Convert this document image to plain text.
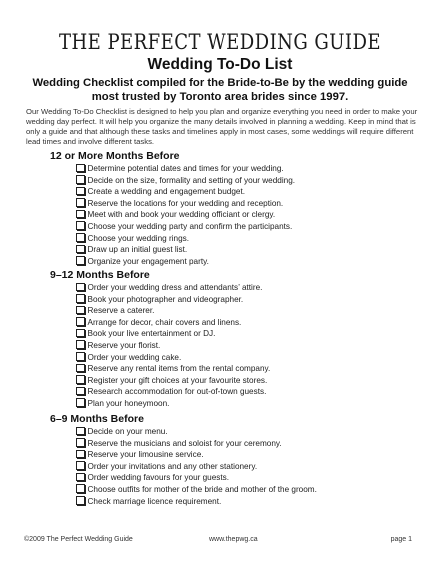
THE PERFECT WEDDING GUIDE
Wedding To-Do List
Wedding Checklist compiled for the Bride-to-Be by the wedding guide most trusted by Toronto area brides since 1997.
Our Wedding To-Do Checklist is designed to help you plan and organize everything you need in order to make your wedding day perfect. It will help you organize the many details involved in planning a wedding. Keep in mind that is only a guide and that although these tasks and timelines apply in most cases, some weddings will require different lead times and involve different tasks.
12 or More Months Before
Determine potential dates and times for your wedding.
Decide on the size, formality and setting of your wedding.
Create a wedding and engagement budget.
Reserve the locations for your wedding and reception.
Meet with and book your wedding officiant or clergy.
Choose your wedding party and confirm the participants.
Choose your wedding rings.
Draw up an initial guest list.
Organize your engagement party.
9–12 Months Before
Order your wedding dress and attendants’ attire.
Book your photographer and videographer.
Reserve a caterer.
Arrange for decor, chair covers and linens.
Book your live entertainment or DJ.
Reserve your florist.
Order your wedding cake.
Reserve any rental items from the rental company.
Register your gift choices at your favourite stores.
Research accommodation for out-of-town guests.
Plan your honeymoon.
6–9 Months Before
Decide on your menu.
Reserve the musicians and soloist for your ceremony.
Reserve your limousine service.
Order your invitations and any other stationery.
Order wedding favours for your guests.
Choose outfits for mother of the bride and mother of the groom.
Check marriage licence requirement.
©2009 The Perfect Wedding Guide	www.thepwg.ca	page 1
